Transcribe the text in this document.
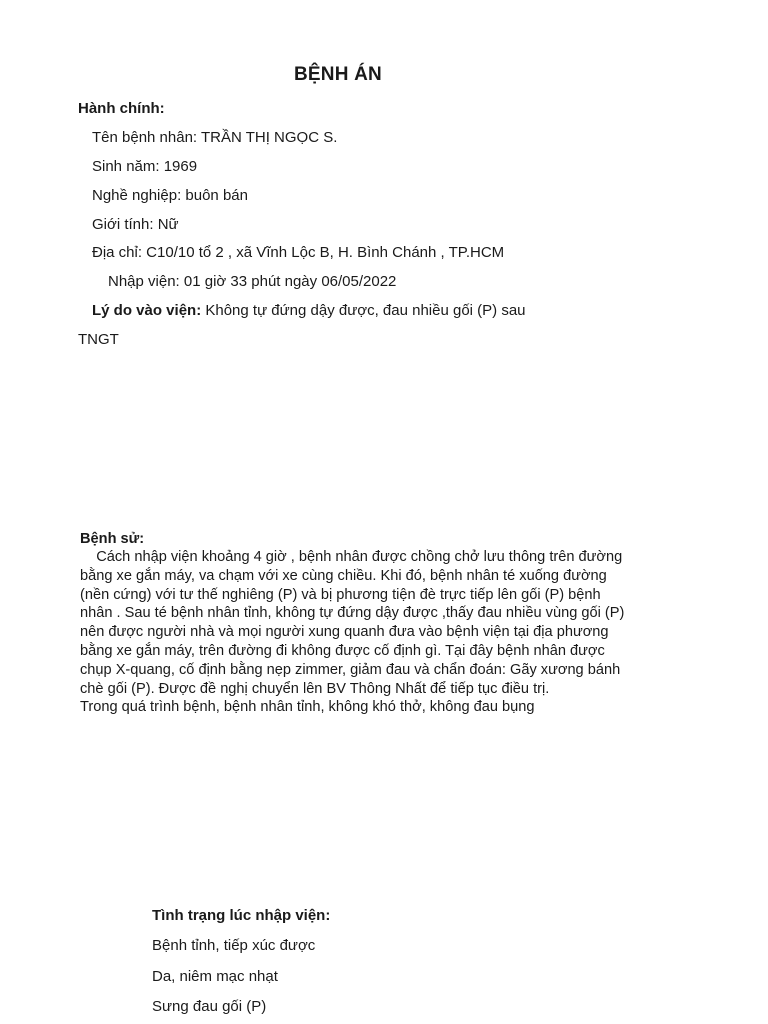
BỆNH ÁN
Hành chính:
Tên bệnh nhân: TRẦN THỊ NGỌC S.
Sinh năm: 1969
Nghề nghiệp: buôn bán
Giới tính: Nữ
Địa chỉ: C10/10 tổ 2 , xã Vĩnh Lộc B, H. Bình Chánh , TP.HCM
Nhập viện: 01 giờ 33 phút ngày 06/05/2022
Lý do vào viện: Không tự đứng dậy được, đau nhiều gối (P) sau
TNGT
Bệnh sử:
Cách nhập viện khoảng 4 giờ , bệnh nhân được chồng chở lưu thông trên đường
bằng xe gắn máy, va chạm với xe cùng chiều. Khi đó, bệnh nhân té xuống đường
(nền cứng) với tư thế nghiêng (P) và bị phương tiện đè trực tiếp lên gối (P) bệnh
nhân . Sau té bệnh nhân tỉnh, không tự đứng dậy được ,thấy đau nhiều vùng gối (P)
nên được người nhà và mọi người xung quanh đưa vào bệnh viện tại địa phương
bằng xe gắn máy, trên đường đi không được cố định gì. Tại đây bệnh nhân được
chụp X-quang, cố định bằng nẹp zimmer, giảm đau và chẩn đoán: Gãy xương bánh
chè gối (P). Được đề nghị chuyển lên BV Thông Nhất để tiếp tục điều trị.
Trong quá trình bệnh, bệnh nhân tỉnh, không khó thở, không đau bụng
Tình trạng lúc nhập viện:
Bệnh tỉnh, tiếp xúc được
Da, niêm mạc nhạt
Sưng đau gối (P)
